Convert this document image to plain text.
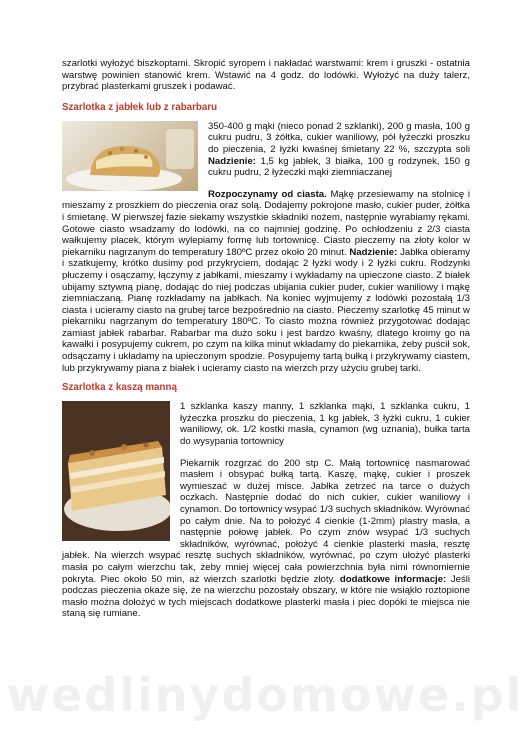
szarlotki wyłożyć biszkoptami. Skropić syropem i nakładać warstwami: krem i gruszki - ostatnia warstwę powinien stanowić krem. Wstawić na 4 godz. do lodówki. Wyłożyć na duży talerz, przybrać plasterkami gruszek i podawać.

Szarlotka z jabłek lub z rabarbaru

350-400 g mąki (nieco ponad 2 szklanki), 200 g masła, 100 g cukru pudru, 3 żółtka, cukier waniliowy, pół łyżeczki proszku do pieczenia, 2 łyżki kwaśnej śmietany 22 %, szczypta soli Nadzienie: 1,5 kg jabłek, 3 białka, 100 g rodzynek, 150 g cukru pudru, 2 łyżeczki mąki ziemniaczanej

Rozpoczynamy od ciasta. Mąkę przesiewamy na stolnicę i mieszamy z proszkiem do pieczenia oraz solą. Dodajemy pokrojone masło, cukier puder, żółtka i śmietanę. W pierwszej fazie siekamy wszystkie składniki nożem, następnie wyrabiamy rękami. Gotowe ciasto wsadzamy do lodówki, na co najmniej godzinę. Po ochłodzeniu z 2/3 ciasta wałkujemy placek, którym wylepiamy formę lub tortownicę. Ciasto pieczemy na złoty kolor w piekarniku nagrzanym do temperatury 180ºC przez około 20 minut. Nadzienie: Jabłka obieramy i szatkujemy, krótko dusimy pod przykryciem, dodając 2 łyżki wody i 2 łyżki cukru. Rodzynki płuczemy i osączamy, łączymy z jabłkami, mieszamy i wykładamy na upieczone ciasto. Z białek ubijamy sztywną pianę, dodając do niej podczas ubijania cukier puder, cukier waniliowy i mąkę ziemniaczaną. Pianę rozkładamy na jabłkach. Na koniec wyjmujemy z lodówki pozostałą 1/3 ciasta i ucieramy ciasto na grubej tarce bezpośrednio na ciasto. Pieczemy szarlotkę 45 minut w piekarniku nagrzanym do temperatury 180ºC. To ciasto można również przygotować dodając zamiast jabłek rabarbar. Rabarbar ma dużo soku i jest bardzo kwaśny, dlatego kroimy go na kawałki i posypujemy cukrem, po czym na kilka minut wkładamy do piekarnika, żeby puścił sok, odsączamy i układamy na upieczonym spodzie. Posypujemy tartą bułką i przykrywamy ciastem, lub przykrywamy piana z białek i ucieramy ciasto na wierzch przy użyciu grubej tarki.

Szarlotka z kaszą manną

1 szklanka kaszy manny, 1 szklanka mąki, 1 szklanka cukru, 1 łyżeczka proszku do pieczenia, 1 kg jabłek, 3 łyżki cukru, 1 cukier waniliowy, ok. 1/2 kostki masła, cynamon (wg uznania), bułka tarta do wysypania tortownicy

Piekarnik rozgrzać do 200 stp C. Małą tortownicę nasmarować masłem i obsypać bułką tartą. Kaszę, mąkę, cukier i proszek wymieszać w dużej misce. Jabłka zetrzeć na tarce o dużych oczkach. Następnie dodać do nich cukier, cukier waniliowy i cynamon. Do tortownicy wsypać 1/3 suchych składników. Wyrównać po całym dnie. Na to położyć 4 cienkie (1-2mm) plastry masła, a następnie połowę jabłek. Po czym znów wsypać 1/3 suchych składników, wyrównać, położyć 4 cienkie plasterki masła, resztę jabłek. Na wierzch wsypać resztę suchych składników, wyrównać, po czym ułożyć plasterki masła po całym wierzchu tak, żeby mniej więcej cała powierzchnia była nimi równomiernie pokryta. Piec około 50 min, aż wierzch szarlotki będzie złoty. dodatkowe informacje: Jeśli podczas pieczenia okaże się, że na wierzchu pozostały obszary, w które nie wsiąkło roztopione masło można dołożyć w tych miejscach dodatkowe plasterki masła i piec dopóki te miejsca nie staną się rumiane.

wedlinydomowe.pl
